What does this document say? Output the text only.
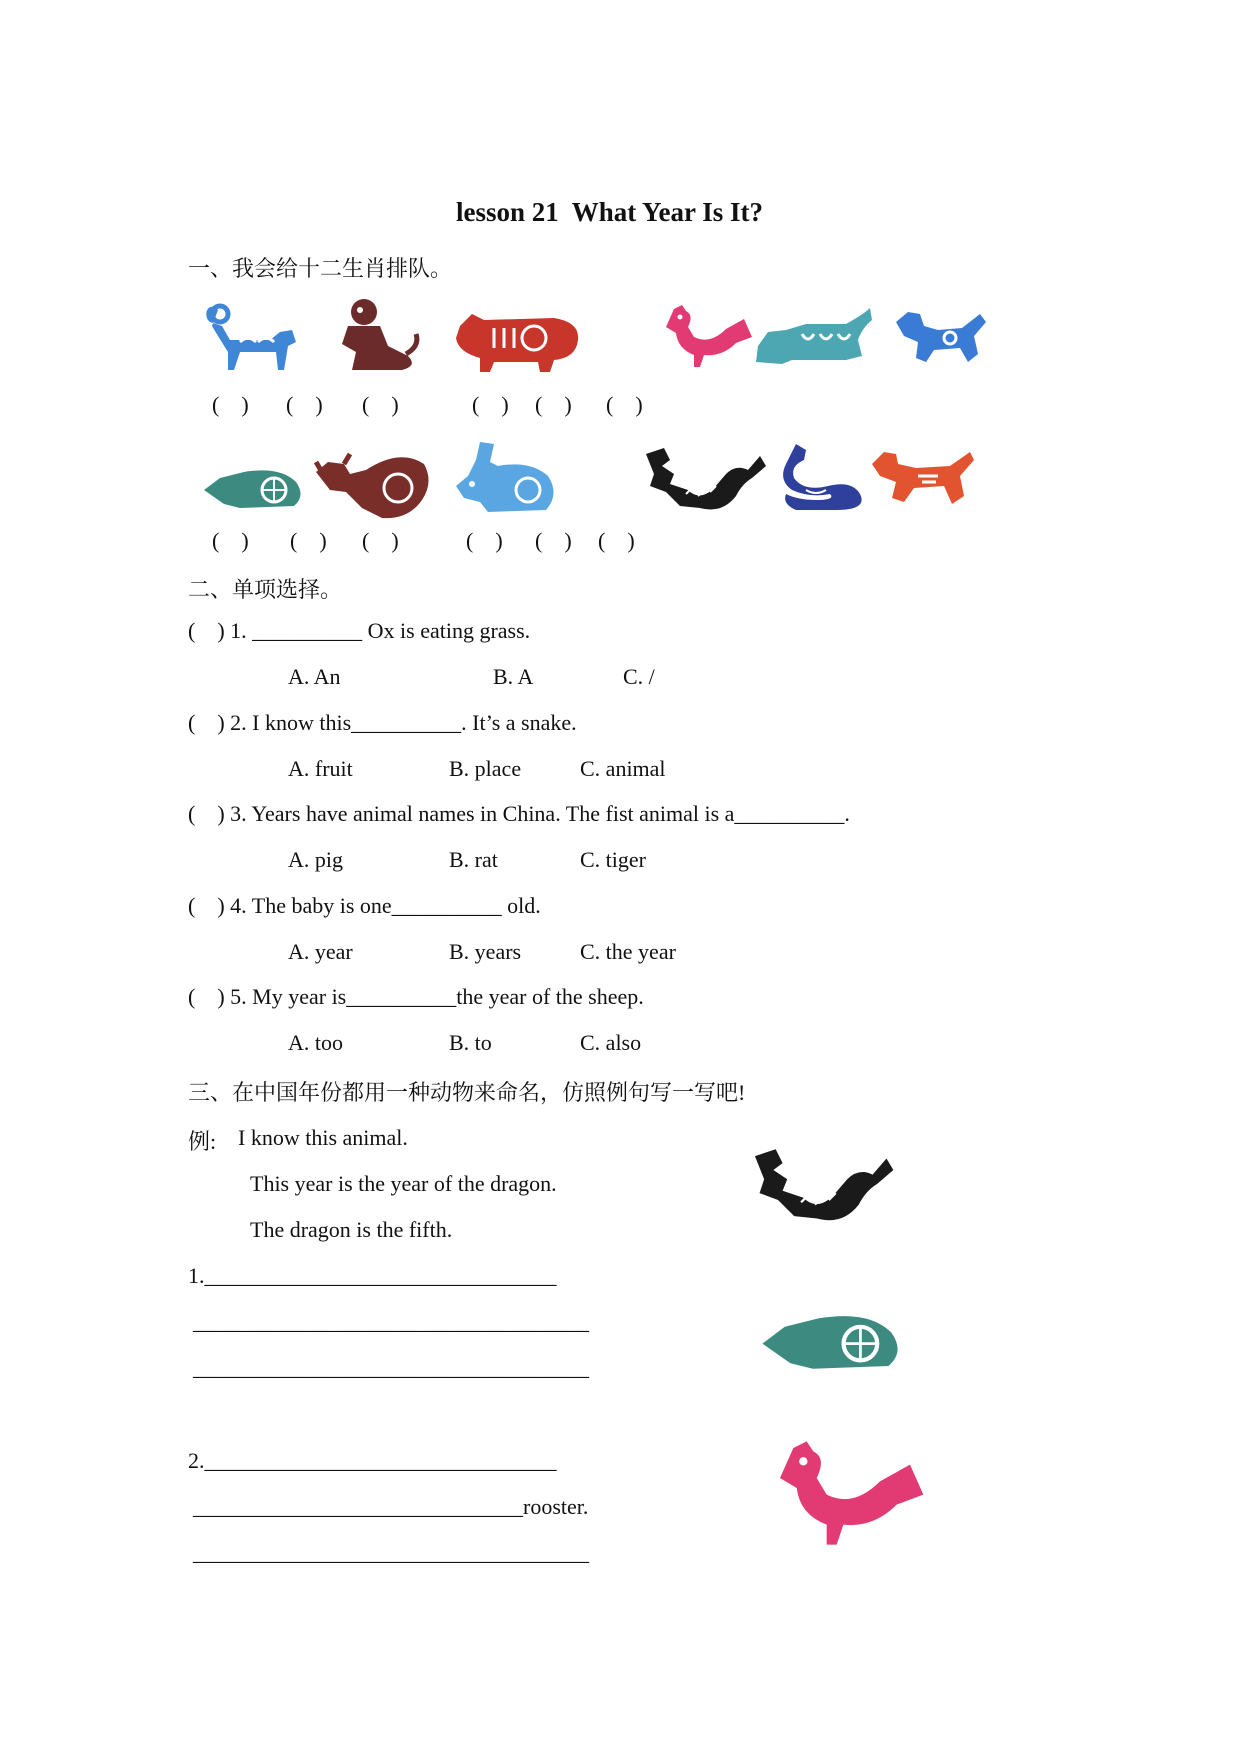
lesson 21  What Year Is It?
一、我会给十二生肖排队。
(    ) (    ) (    )	(    ) (    ) (    )
(    ) (    ) (    )	(    ) (    ) (    )
二、单项选择。
(    ) 1. __________ Ox is eating grass.
A. An	B. A	C. /
(    ) 2. I know this__________. It’s a snake.
A. fruit	B. place	C. animal
(    ) 3. Years have animal names in China. The fist animal is a__________.
A. pig	B. rat	C. tiger
(    ) 4. The baby is one__________ old.
A. year	B. years	C. the year
(    ) 5. My year is__________the year of the sheep.
A. too	B. to	C. also
三、在中国年份都用一种动物来命名，仿照例句写一写吧!
例: I know this animal.
This year is the year of the dragon.
The dragon is the fifth.
1.________________________________
____________________________________
____________________________________
2.________________________________
______________________________rooster.
____________________________________
